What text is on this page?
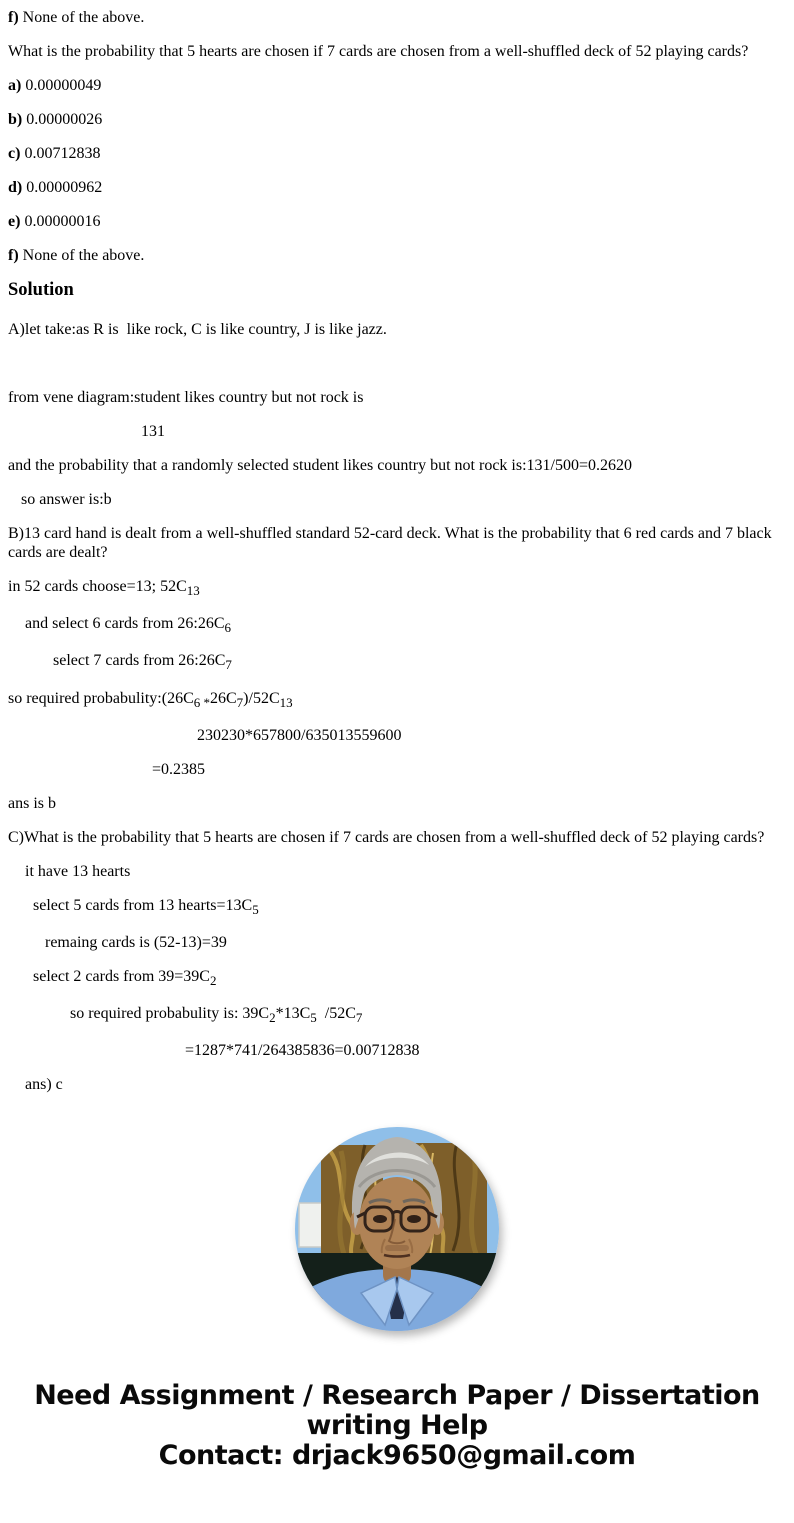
f) None of the above.

What is the probability that 5 hearts are chosen if 7 cards are chosen from a well-shuffled deck of 52 playing cards?

a) 0.00000049

b) 0.00000026

c) 0.00712838

d) 0.00000962

e) 0.00000016

f) None of the above.

Solution

A)let take:as R is  like rock, C is like country, J is like jazz.

from vene diagram:student likes country but not rock is

131

and the probability that a randomly selected student likes country but not rock is:131/500=0.2620

so answer is:b

B)13 card hand is dealt from a well-shuffled standard 52-card deck. What is the probability that 6 red cards and 7 black cards are dealt?

in 52 cards choose=13; $52C_{13}$

and select 6 cards from $26:26C_6$

select 7 cards from $26:26C_7$

so required $probabulity:(26C_{6 *}26C_7)/52C_{13}$

230230*657800/635013559600

=0.2385

ans is b

C)What is the probability that 5 hearts are chosen if 7 cards are chosen from a well-shuffled deck of 52 playing cards?

it have 13 hearts

select 5 cards from 13 $hearts=13C_5$

remaing cards is (52-13)=39

select 2 cards from $39=39C_2$

so required probabulity is: $39C_2*13C_5$  $/52C_7$

=1287*741/264385836=0.00712838

ans) c

Need Assignment / Research Paper / Dissertation
writing Help
Contact: drjack9650@gmail.com
